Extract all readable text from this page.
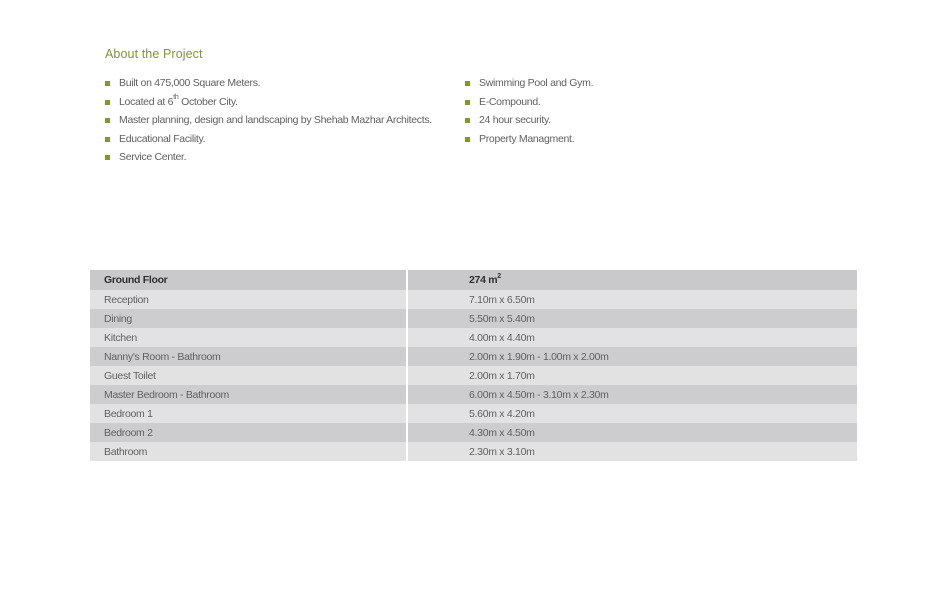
About the Project
Built on 475,000 Square Meters.
Located at 6th October City.
Master planning, design and landscaping by Shehab Mazhar Architects.
Educational Facility.
Service Center.
Swimming Pool and Gym.
E-Compound.
24 hour security.
Property Managment.
Ground Floor	274 $m^2$
Reception	7.10m x 6.50m
Dining	5.50m x 5.40m
Kitchen	4.00m x 4.40m
Nanny's Room - Bathroom	2.00m x 1.90m - 1.00m x 2.00m
Guest Toilet	2.00m x 1.70m
Master Bedroom - Bathroom	6.00m x 4.50m - 3.10m x 2.30m
Bedroom 1	5.60m x 4.20m
Bedroom 2	4.30m x 4.50m
Bathroom	2.30m x 3.10m
